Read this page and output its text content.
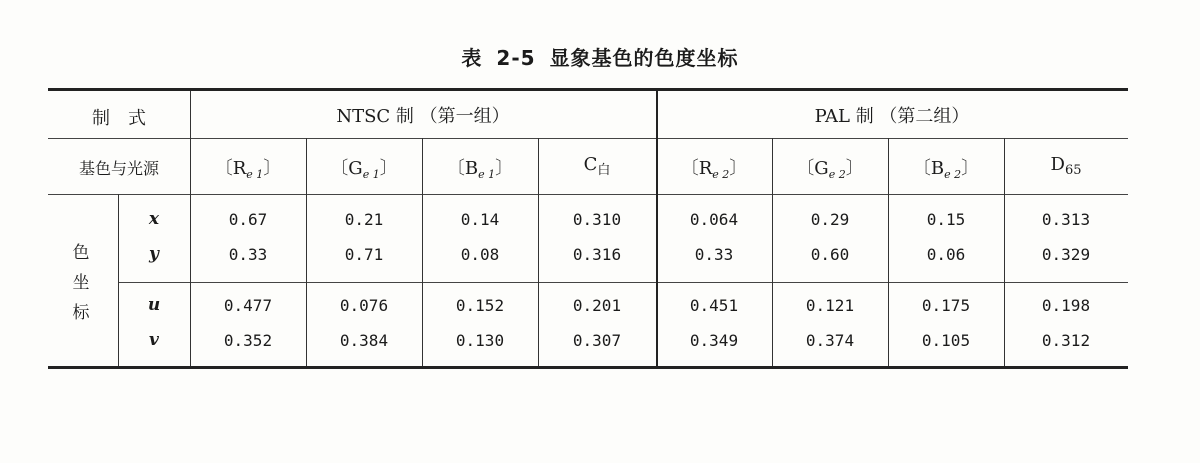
表 2-5 显象基色的色度坐标
制　式	NTSC 制 （第一组）	PAL 制 （第二组）
基色与光源	〔$R_{e 1}$〕	〔$G_{e 1}$〕	〔$B_{e 1}$〕	$C_白$	〔$R_{e 2}$〕	〔$G_{e 2}$〕	〔$B_{e 2}$〕	$D_{65}$
色
坐
标
x	0.67	0.21	0.14	0.310	0.064	0.29	0.15	0.313
y	0.33	0.71	0.08	0.316	0.33	0.60	0.06	0.329
u	0.477	0.076	0.152	0.201	0.451	0.121	0.175	0.198
v	0.352	0.384	0.130	0.307	0.349	0.374	0.105	0.312
